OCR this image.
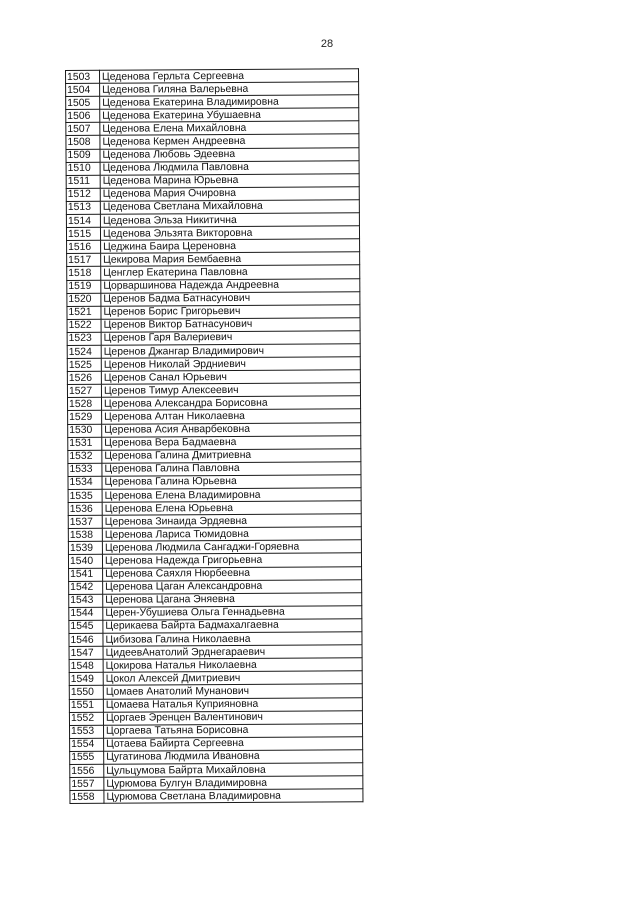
28
1503	Цеденова Герльта Сергеевна
1504	Цеденова Гиляна Валерьевна
1505	Цеденова Екатерина Владимировна
1506	Цеденова Екатерина Убушаевна
1507	Цеденова Елена Михайловна
1508	Цеденова Кермен Андреевна
1509	Цеденова Любовь Эдеевна
1510	Цеденова Людмила Павловна
1511	Цеденова Марина Юрьевна
1512	Цеденова Мария Очировна
1513	Цеденова Светлана Михайловна
1514	Цеденова Эльза Никитична
1515	Цеденова Эльзята Викторовна
1516	Цеджина Баира Цереновна
1517	Цекирова Мария Бембаевна
1518	Ценглер Екатерина Павловна
1519	Цорваршинова Надежда Андреевна
1520	Церенов Бадма Батнасунович
1521	Церенов Борис Григорьевич
1522	Церенов Виктор Батнасунович
1523	Церенов Гаря Валериевич
1524	Церенов Джангар Владимирович
1525	Церенов Николай Эрдниевич
1526	Церенов Санал Юрьевич
1527	Церенов Тимур Алексеевич
1528	Церенова Александра Борисовна
1529	Церенова Алтан Николаевна
1530	Церенова Асия Анварбековна
1531	Церенова Вера Бадмаевна
1532	Церенова Галина Дмитриевна
1533	Церенова Галина Павловна
1534	Церенова Галина Юрьевна
1535	Церенова Елена Владимировна
1536	Церенова Елена Юрьевна
1537	Церенова Зинаида Эрдяевна
1538	Церенова Лариса Тюмидовна
1539	Церенова Людмила Сангаджи-Горяевна
1540	Церенова Надежда Григорьевна
1541	Церенова Саяхля Нюрбеевна
1542	Церенова Цаган Александровна
1543	Церенова Цагана Эняевна
1544	Церен-Убушиева Ольга Геннадьевна
1545	Церикаева Байрта Бадмахалгаевна
1546	Цибизова Галина Николаевна
1547	ЦидеевАнатолий Эрднегараевич
1548	Цокирова Наталья Николаевна
1549	Цокол Алексей Дмитриевич
1550	Цомаев Анатолий Мунанович
1551	Цомаева Наталья Куприяновна
1552	Цоргаев Эренцен Валентинович
1553	Цоргаева Татьяна Борисовна
1554	Цотаева Байирта Сергеевна
1555	Цугатинова Людмила Ивановна
1556	Цульцумова Байрта Михайловна
1557	Цурюмова Булгун Владимировна
1558	Цурюмова Светлана Владимировна
